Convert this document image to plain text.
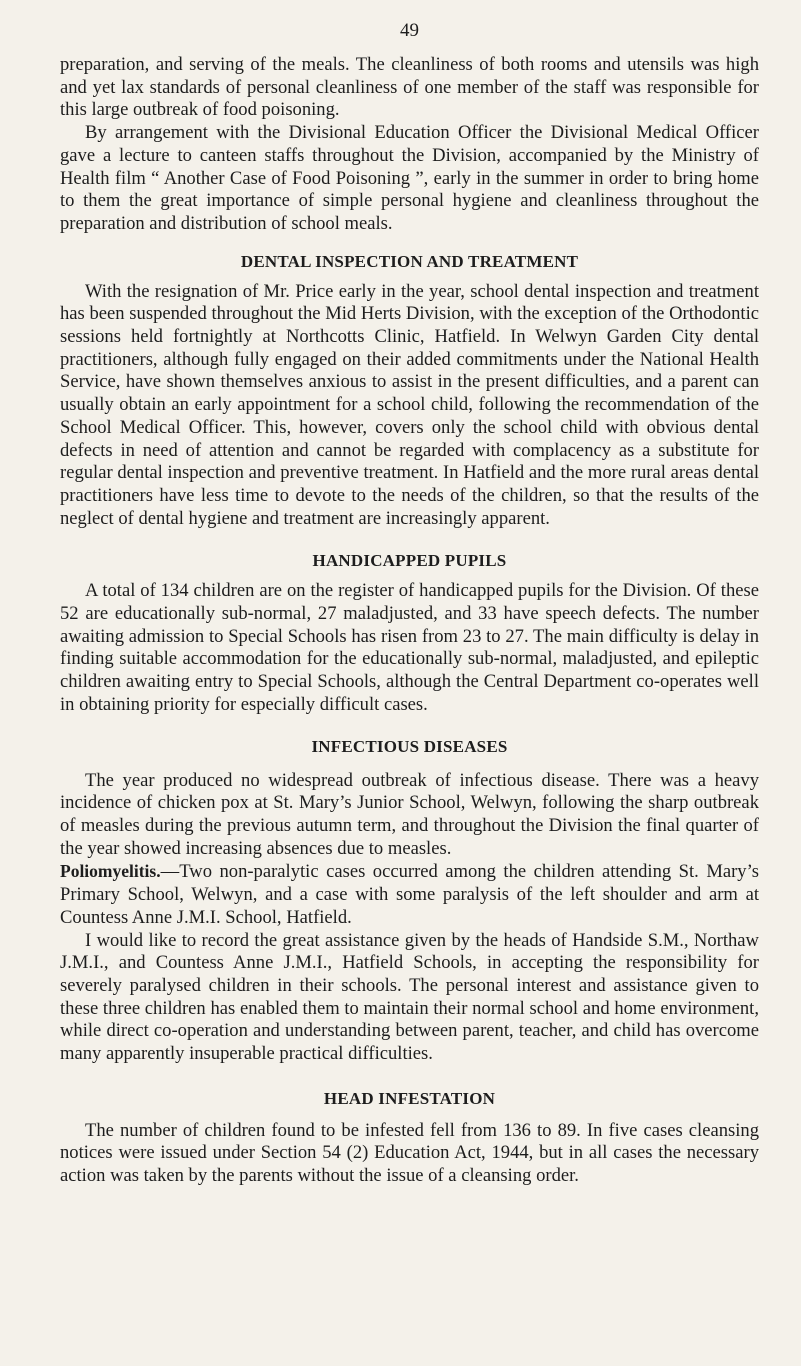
49

preparation, and serving of the meals. The cleanliness of both rooms and utensils was high and yet lax standards of personal cleanliness of one member of the staff was responsible for this large outbreak of food poisoning.

By arrangement with the Divisional Education Officer the Divisional Medical Officer gave a lecture to canteen staffs throughout the Division, accompanied by the Ministry of Health film “ Another Case of Food Poisoning ”, early in the summer in order to bring home to them the great importance of simple personal hygiene and cleanliness throughout the preparation and distribution of school meals.

DENTAL INSPECTION AND TREATMENT

With the resignation of Mr. Price early in the year, school dental inspection and treatment has been suspended throughout the Mid Herts Division, with the exception of the Orthodontic sessions held fortnightly at Northcotts Clinic, Hatfield. In Welwyn Garden City dental practitioners, although fully engaged on their added commitments under the National Health Service, have shown themselves anxious to assist in the present difficulties, and a parent can usually obtain an early appointment for a school child, following the recommendation of the School Medical Officer. This, however, covers only the school child with obvious dental defects in need of attention and cannot be regarded with complacency as a substitute for regular dental inspection and preventive treatment. In Hatfield and the more rural areas dental practitioners have less time to devote to the needs of the children, so that the results of the neglect of dental hygiene and treatment are increasingly apparent.

HANDICAPPED PUPILS

A total of 134 children are on the register of handicapped pupils for the Division. Of these 52 are educationally sub-normal, 27 maladjusted, and 33 have speech defects. The number awaiting admission to Special Schools has risen from 23 to 27. The main difficulty is delay in finding suitable accommodation for the educationally sub-normal, maladjusted, and epileptic children awaiting entry to Special Schools, although the Central Department co-operates well in obtaining priority for especially difficult cases.

INFECTIOUS DISEASES

The year produced no widespread outbreak of infectious disease. There was a heavy incidence of chicken pox at St. Mary’s Junior School, Welwyn, following the sharp outbreak of measles during the previous autumn term, and throughout the Division the final quarter of the year showed increasing absences due to measles.

Poliomyelitis.—Two non-paralytic cases occurred among the children attending St. Mary’s Primary School, Welwyn, and a case with some paralysis of the left shoulder and arm at Countess Anne J.M.I. School, Hatfield.

I would like to record the great assistance given by the heads of Handside S.M., Northaw J.M.I., and Countess Anne J.M.I., Hatfield Schools, in accepting the responsibility for severely paralysed children in their schools. The personal interest and assistance given to these three children has enabled them to maintain their normal school and home environment, while direct co-operation and understanding between parent, teacher, and child has overcome many apparently insuperable practical difficulties.

HEAD INFESTATION

The number of children found to be infested fell from 136 to 89. In five cases cleansing notices were issued under Section 54 (2) Education Act, 1944, but in all cases the necessary action was taken by the parents without the issue of a cleansing order.
